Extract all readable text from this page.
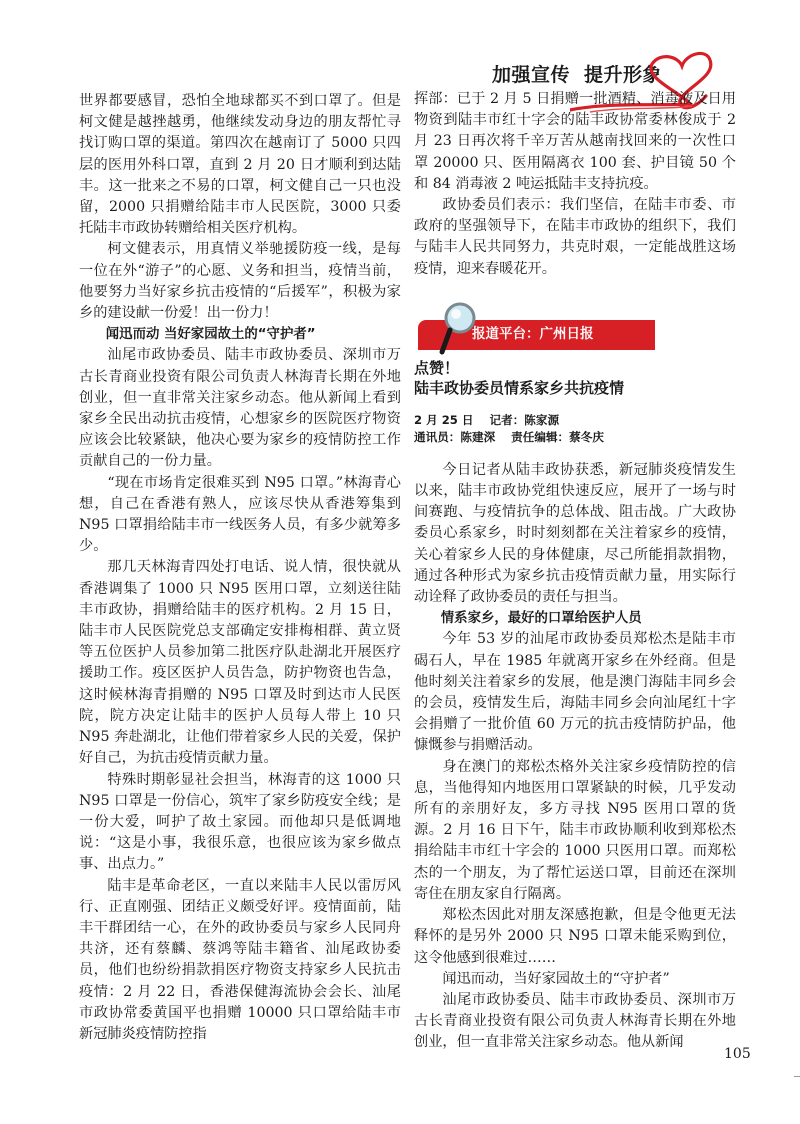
加强宣传 提升形象

世界都要感冒，恐怕全地球都买不到口罩了。但是柯文健是越挫越勇，他继续发动身边的朋友帮忙寻找订购口罩的渠道。第四次在越南订了 5000 只四层的医用外科口罩，直到 2 月 20 日才顺利到达陆丰。这一批来之不易的口罩，柯文健自己一只也没留，2000 只捐赠给陆丰市人民医院，3000 只委托陆丰市政协转赠给相关医疗机构。

柯文健表示，用真情义举驰援防疫一线，是每一位在外“游子”的心愿、义务和担当，疫情当前，他要努力当好家乡抗击疫情的“后援军”，积极为家乡的建设献一份爱！出一份力！

闻迅而动 当好家园故土的“守护者”

汕尾市政协委员、陆丰市政协委员、深圳市万古长青商业投资有限公司负责人林海青长期在外地创业，但一直非常关注家乡动态。他从新闻上看到家乡全民出动抗击疫情，心想家乡的医院医疗物资应该会比较紧缺，他决心要为家乡的疫情防控工作贡献自己的一份力量。

“现在市场肯定很难买到 N95 口罩。”林海青心想，自己在香港有熟人，应该尽快从香港筹集到 N95 口罩捐给陆丰市一线医务人员，有多少就筹多少。

那几天林海青四处打电话、说人情，很快就从香港调集了 1000 只 N95 医用口罩，立刻送往陆丰市政协，捐赠给陆丰的医疗机构。2 月 15 日，陆丰市人民医院党总支部确定安排梅相群、黄立贤等五位医护人员参加第二批医疗队赴湖北开展医疗援助工作。疫区医护人员告急，防护物资也告急，这时候林海青捐赠的 N95 口罩及时到达市人民医院，院方决定让陆丰的医护人员每人带上 10 只 N95 奔赴湖北，让他们带着家乡人民的关爱，保护好自己，为抗击疫情贡献力量。

特殊时期彰显社会担当，林海青的这 1000 只 N95 口罩是一份信心，筑牢了家乡防疫安全线；是一份大爱，呵护了故土家园。而他却只是低调地说：“这是小事，我很乐意，也很应该为家乡做点事、出点力。”

陆丰是革命老区，一直以来陆丰人民以雷厉风行、正直刚强、团结正义颇受好评。疫情面前，陆丰干群团结一心，在外的政协委员与家乡人民同舟共济，还有蔡麟、蔡鸿等陆丰籍省、汕尾政协委员，他们也纷纷捐款捐医疗物资支持家乡人民抗击疫情：2 月 22 日，香港保健海流协会会长、汕尾市政协常委黄国平也捐赠 10000 只口罩给陆丰市新冠肺炎疫情防控指

挥部：已于 2 月 5 日捐赠一批酒精、消毒液及日用物资到陆丰市红十字会的陆丰政协常委林俊成于 2 月 23 日再次将千辛万苦从越南找回来的一次性口罩 20000 只、医用隔离衣 100 套、护目镜 50 个和 84 消毒液 2 吨运抵陆丰支持抗疫。

政协委员们表示：我们坚信，在陆丰市委、市政府的坚强领导下，在陆丰市政协的组织下，我们与陆丰人民共同努力，共克时艰，一定能战胜这场疫情，迎来春暖花开。

报道平台：广州日报
点赞！
陆丰政协委员情系家乡共抗疫情
2 月 25 日 记者：陈家源
通讯员：陈建深 责任编辑：蔡冬庆

今日记者从陆丰政协获悉，新冠肺炎疫情发生以来，陆丰市政协党组快速反应，展开了一场与时间赛跑、与疫情抗争的总体战、阻击战。广大政协委员心系家乡，时时刻刻都在关注着家乡的疫情，关心着家乡人民的身体健康，尽己所能捐款捐物，通过各种形式为家乡抗击疫情贡献力量，用实际行动诠释了政协委员的责任与担当。

情系家乡，最好的口罩给医护人员

今年 53 岁的汕尾市政协委员郑松杰是陆丰市碣石人，早在 1985 年就离开家乡在外经商。但是他时刻关注着家乡的发展，他是澳门海陆丰同乡会的会员，疫情发生后，海陆丰同乡会向汕尾红十字会捐赠了一批价值 60 万元的抗击疫情防护品，他慷慨参与捐赠活动。

身在澳门的郑松杰格外关注家乡疫情防控的信息，当他得知内地医用口罩紧缺的时候，几乎发动所有的亲朋好友，多方寻找 N95 医用口罩的货源。2 月 16 日下午，陆丰市政协顺利收到郑松杰捐给陆丰市红十字会的 1000 只医用口罩。而郑松杰的一个朋友，为了帮忙运送口罩，目前还在深圳寄住在朋友家自行隔离。

郑松杰因此对朋友深感抱歉，但是令他更无法释怀的是另外 2000 只 N95 口罩未能采购到位，这令他感到很难过……

闻迅而动，当好家园故土的“守护者”

汕尾市政协委员、陆丰市政协委员、深圳市万古长青商业投资有限公司负责人林海青长期在外地创业，但一直非常关注家乡动态。他从新闻

105
